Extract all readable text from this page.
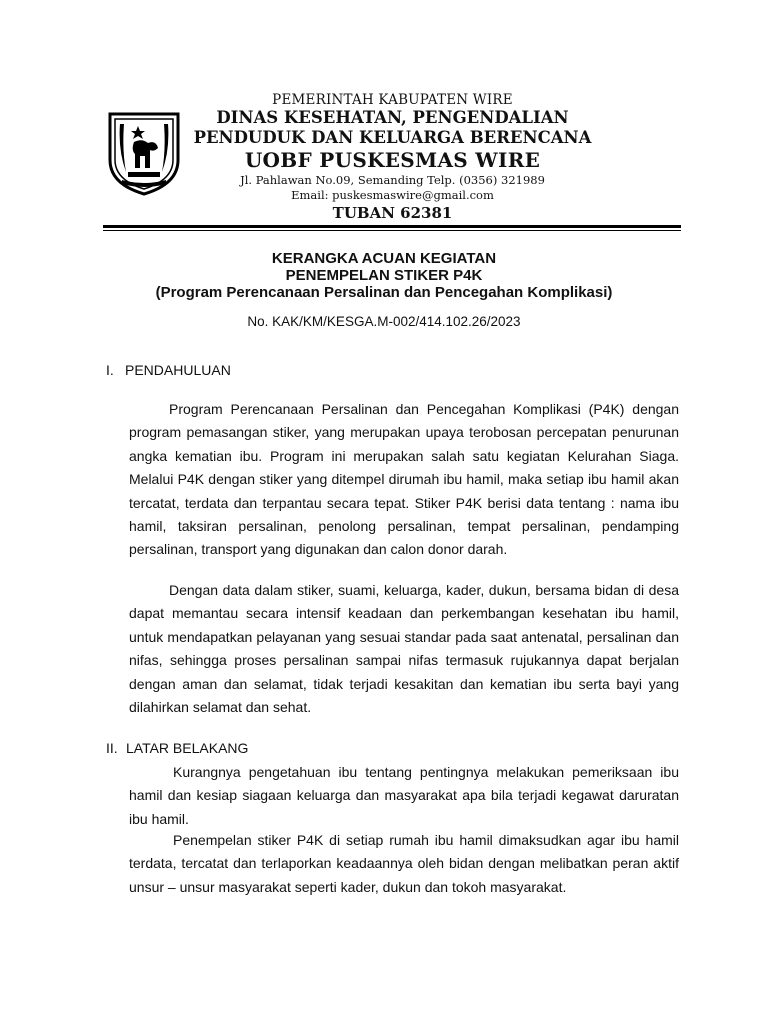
PEMERINTAH KABUPATEN WIRE
DINAS KESEHATAN, PENGENDALIAN
PENDUDUK DAN KELUARGA BERENCANA
UOBF PUSKESMAS WIRE
Jl. Pahlawan No.09, Semanding Telp. (0356) 321989
Email: puskesmaswire@gmail.com
TUBAN 62381
KERANGKA ACUAN KEGIATAN
PENEMPELAN STIKER P4K
(Program Perencanaan Persalinan dan Pencegahan Komplikasi)
No. KAK/KM/KESGA.M-002/414.102.26/2023
I. PENDAHULUAN

Program Perencanaan Persalinan dan Pencegahan Komplikasi (P4K) dengan program pemasangan stiker, yang merupakan upaya terobosan percepatan penurunan angka kematian ibu. Program ini merupakan salah satu kegiatan Kelurahan Siaga. Melalui P4K dengan stiker yang ditempel dirumah ibu hamil, maka setiap ibu hamil akan tercatat, terdata dan terpantau secara tepat. Stiker P4K berisi data tentang : nama ibu hamil, taksiran persalinan, penolong persalinan, tempat persalinan, pendamping persalinan, transport yang digunakan dan calon donor darah.

Dengan data dalam stiker, suami, keluarga, kader, dukun, bersama bidan di desa dapat memantau secara intensif keadaan dan perkembangan kesehatan ibu hamil, untuk mendapatkan pelayanan yang sesuai standar pada saat antenatal, persalinan dan nifas, sehingga proses persalinan sampai nifas termasuk rujukannya dapat berjalan dengan aman dan selamat, tidak terjadi kesakitan dan kematian ibu serta bayi yang dilahirkan selamat dan sehat.

II. LATAR BELAKANG

Kurangnya pengetahuan ibu tentang pentingnya melakukan pemeriksaan ibu hamil dan kesiap siagaan keluarga dan masyarakat apa bila terjadi kegawat daruratan ibu hamil.

Penempelan stiker P4K di setiap rumah ibu hamil dimaksudkan agar ibu hamil terdata, tercatat dan terlaporkan keadaannya oleh bidan dengan melibatkan peran aktif unsur – unsur masyarakat seperti kader, dukun dan tokoh masyarakat.
